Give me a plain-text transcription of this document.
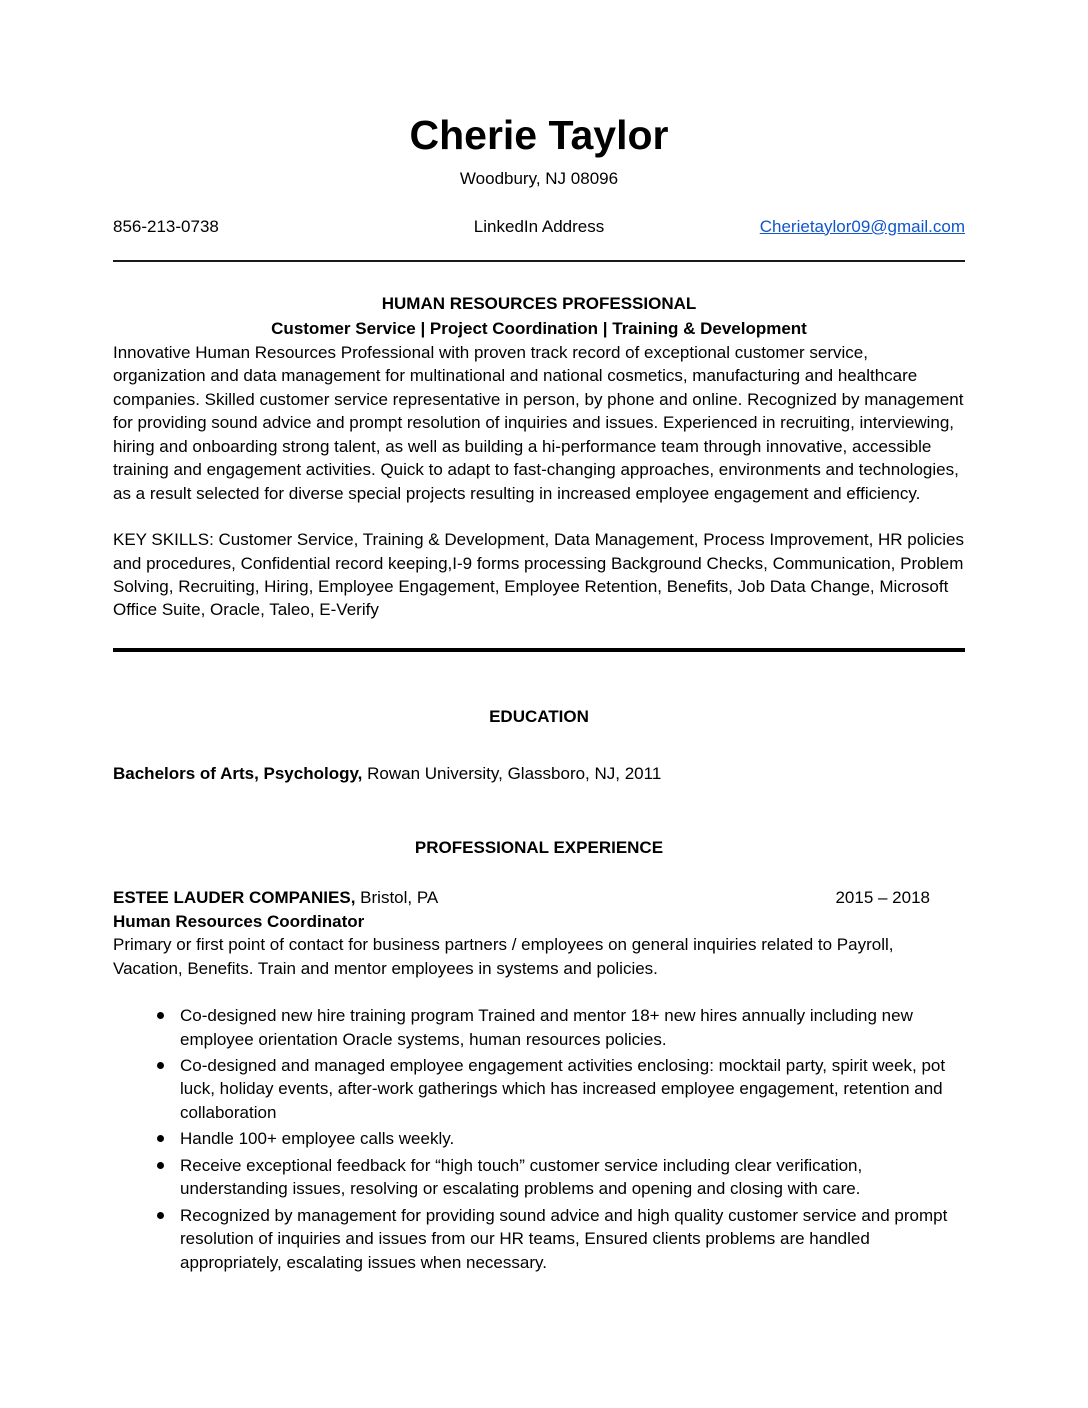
Cherie Taylor
Woodbury, NJ 08096
856-213-0738	LinkedIn Address	Cherietaylor09@gmail.com
HUMAN RESOURCES PROFESSIONAL
Customer Service | Project Coordination | Training & Development

Innovative Human Resources Professional with proven track record of exceptional customer service, organization and data management for multinational and national cosmetics, manufacturing and healthcare companies. Skilled customer service representative in person, by phone and online. Recognized by management for providing sound advice and prompt resolution of inquiries and issues. Experienced in recruiting, interviewing, hiring and onboarding strong talent, as well as building a hi-performance team through innovative, accessible training and engagement activities. Quick to adapt to fast-changing approaches, environments and technologies, as a result selected for diverse special projects resulting in increased employee engagement and efficiency.

KEY SKILLS: Customer Service, Training & Development, Data Management, Process Improvement, HR policies and procedures, Confidential record keeping,I-9 forms processing Background Checks, Communication, Problem Solving, Recruiting, Hiring, Employee Engagement, Employee Retention, Benefits, Job Data Change, Microsoft Office Suite, Oracle, Taleo, E-Verify

EDUCATION

Bachelors of Arts, Psychology, Rowan University, Glassboro, NJ, 2011

PROFESSIONAL EXPERIENCE
ESTEE LAUDER COMPANIES, Bristol, PA	2015 – 2018

Human Resources Coordinator

Primary or first point of contact for business partners / employees on general inquiries related to Payroll, Vacation, Benefits. Train and mentor employees in systems and policies.

Co-designed new hire training program Trained and mentor 18+ new hires annually including new employee orientation Oracle systems, human resources policies.
Co-designed and managed employee engagement activities enclosing: mocktail party, spirit week, pot luck, holiday events, after-work gatherings which has increased employee engagement, retention and collaboration
Handle 100+ employee calls weekly.
Receive exceptional feedback for “high touch” customer service including clear verification, understanding issues, resolving or escalating problems and opening and closing with care.
Recognized by management for providing sound advice and high quality customer service and prompt resolution of inquiries and issues from our HR teams, Ensured clients problems are handled appropriately, escalating issues when necessary.
